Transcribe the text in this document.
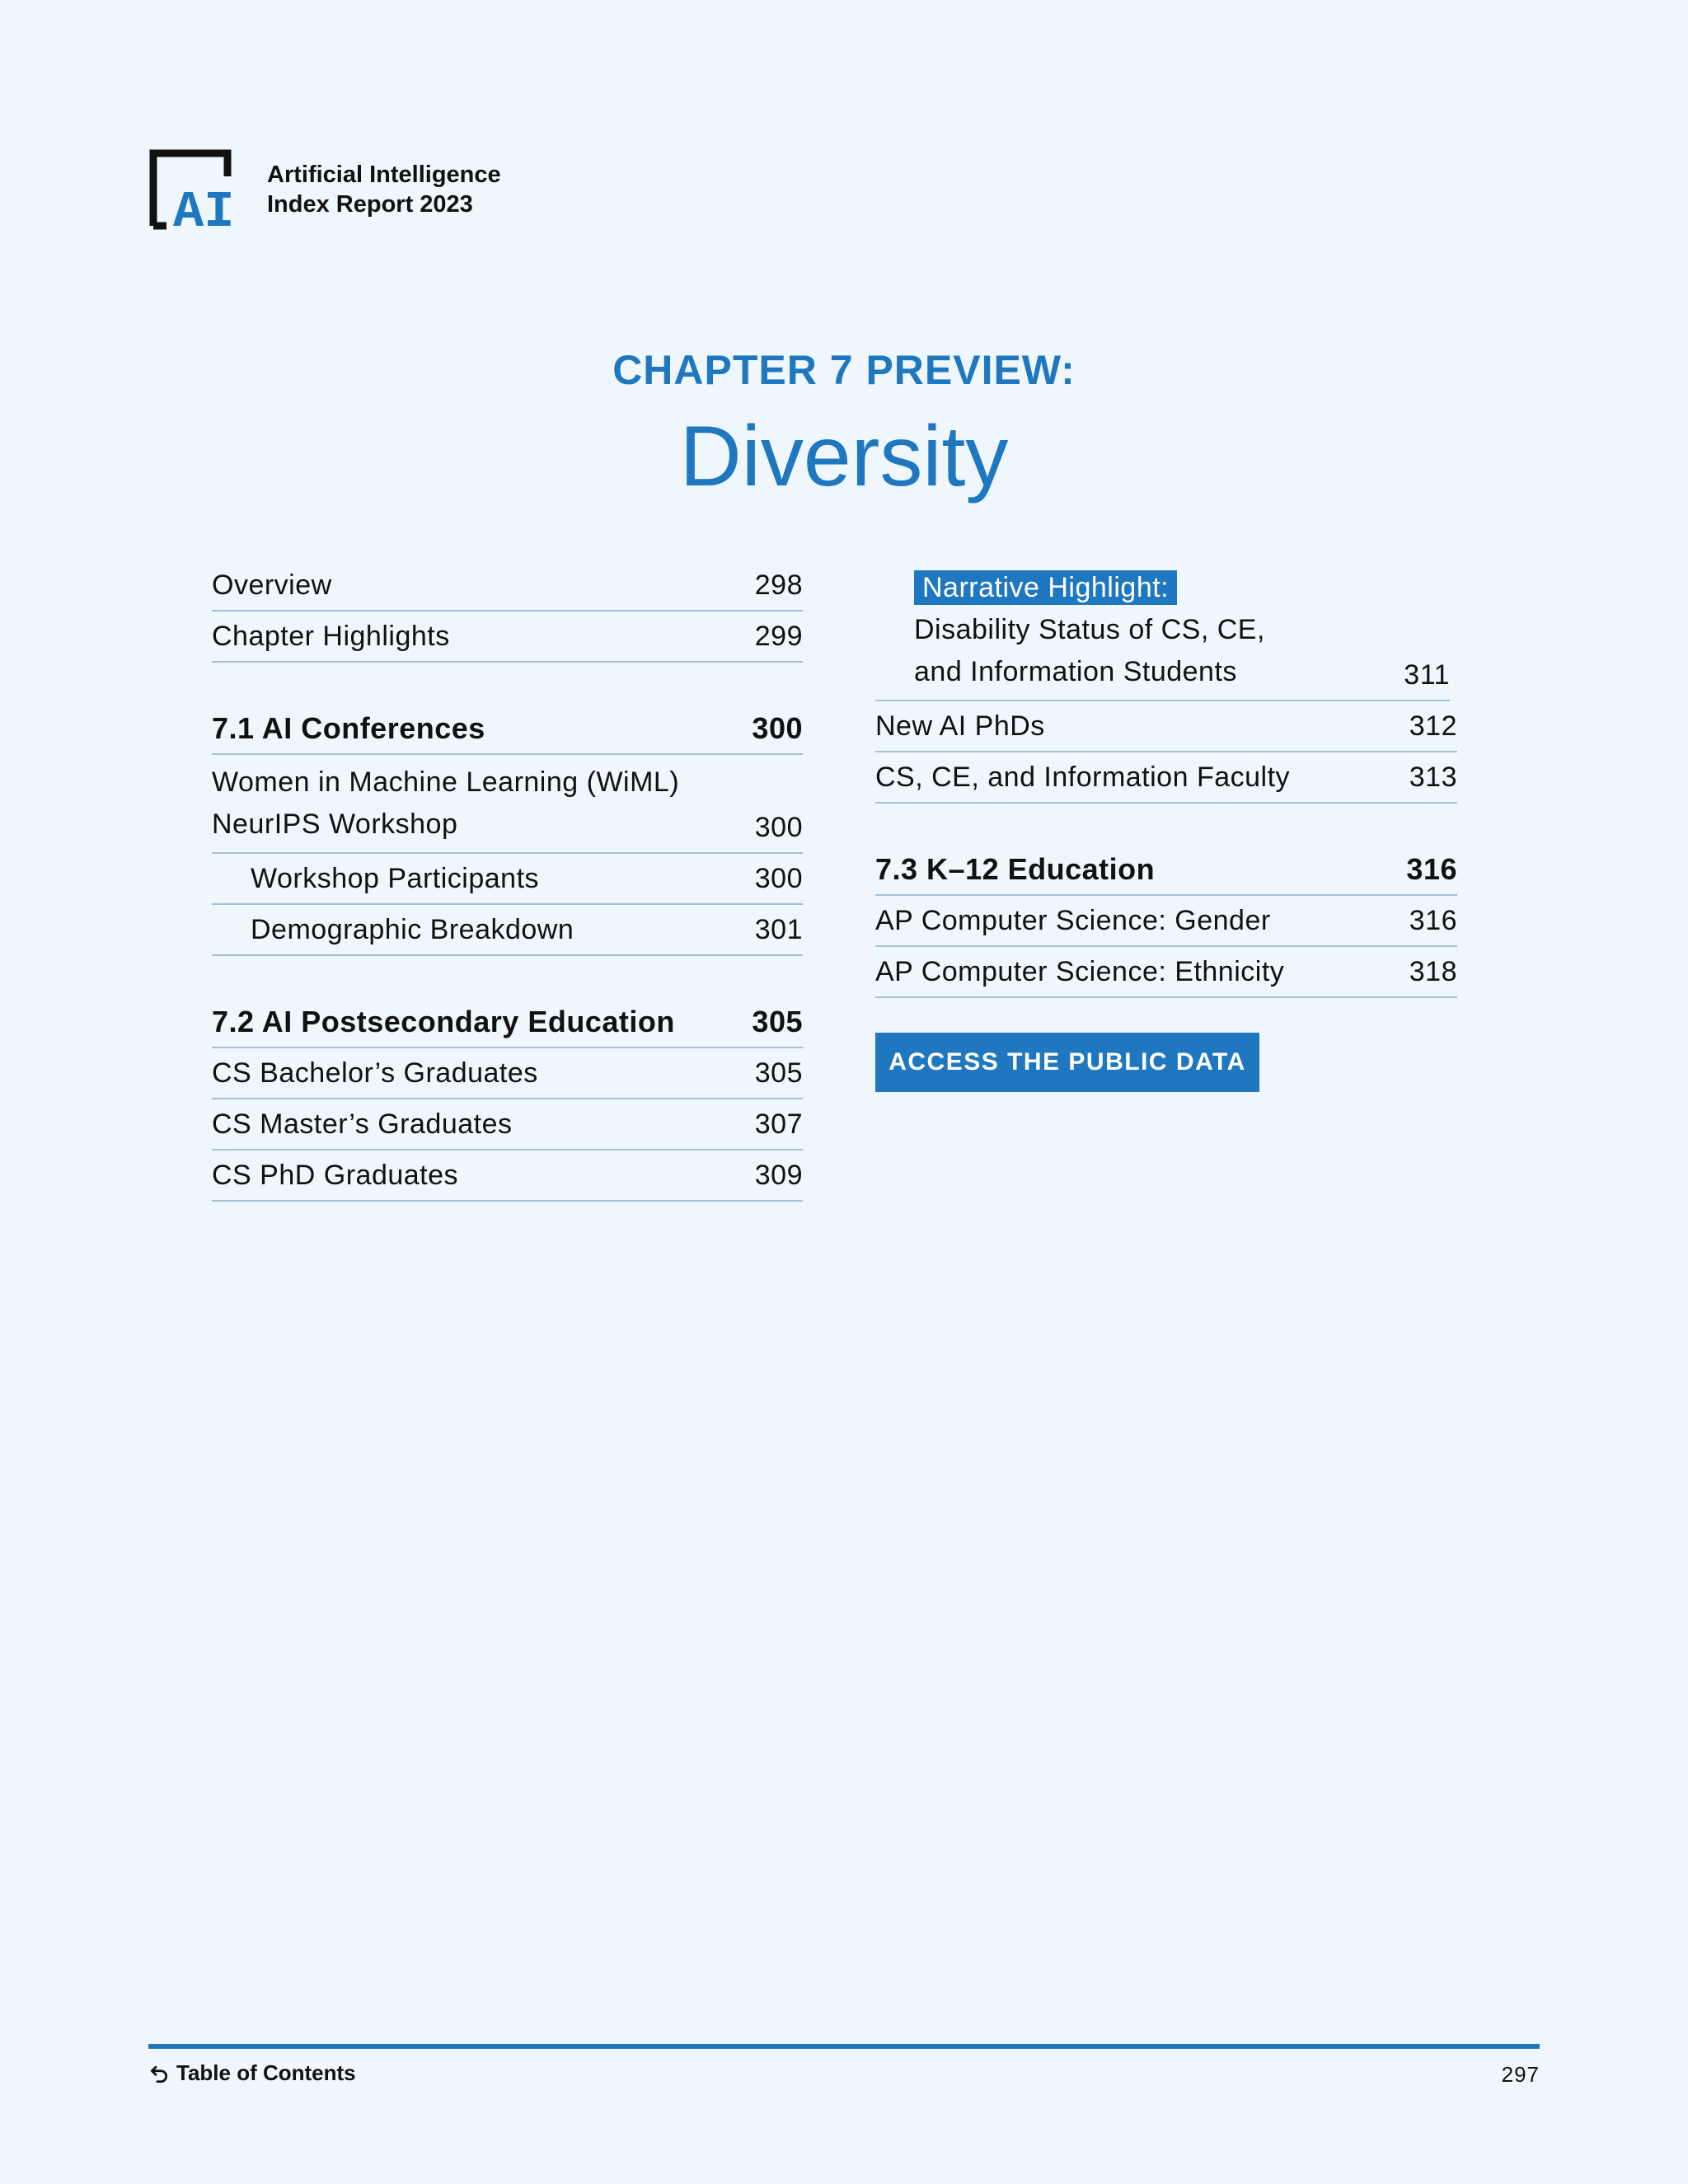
AI
Artificial Intelligence
Index Report 2023
CHAPTER 7 PREVIEW:
Diversity
Overview	298
Chapter Highlights	299
7.1 AI Conferences	300
Women in Machine Learning (WiML)
NeurIPS Workshop	300
Workshop Participants	300
Demographic Breakdown	301
7.2 AI Postsecondary Education	305
CS Bachelor’s Graduates	305
CS Master’s Graduates	307
CS PhD Graduates	309
Narrative Highlight:
Disability Status of CS, CE,
and Information Students	311
New AI PhDs	312
CS, CE, and Information Faculty	313
7.3 K–12 Education	316
AP Computer Science: Gender	316
AP Computer Science: Ethnicity	318
ACCESS THE PUBLIC DATA
Table of Contents	297
